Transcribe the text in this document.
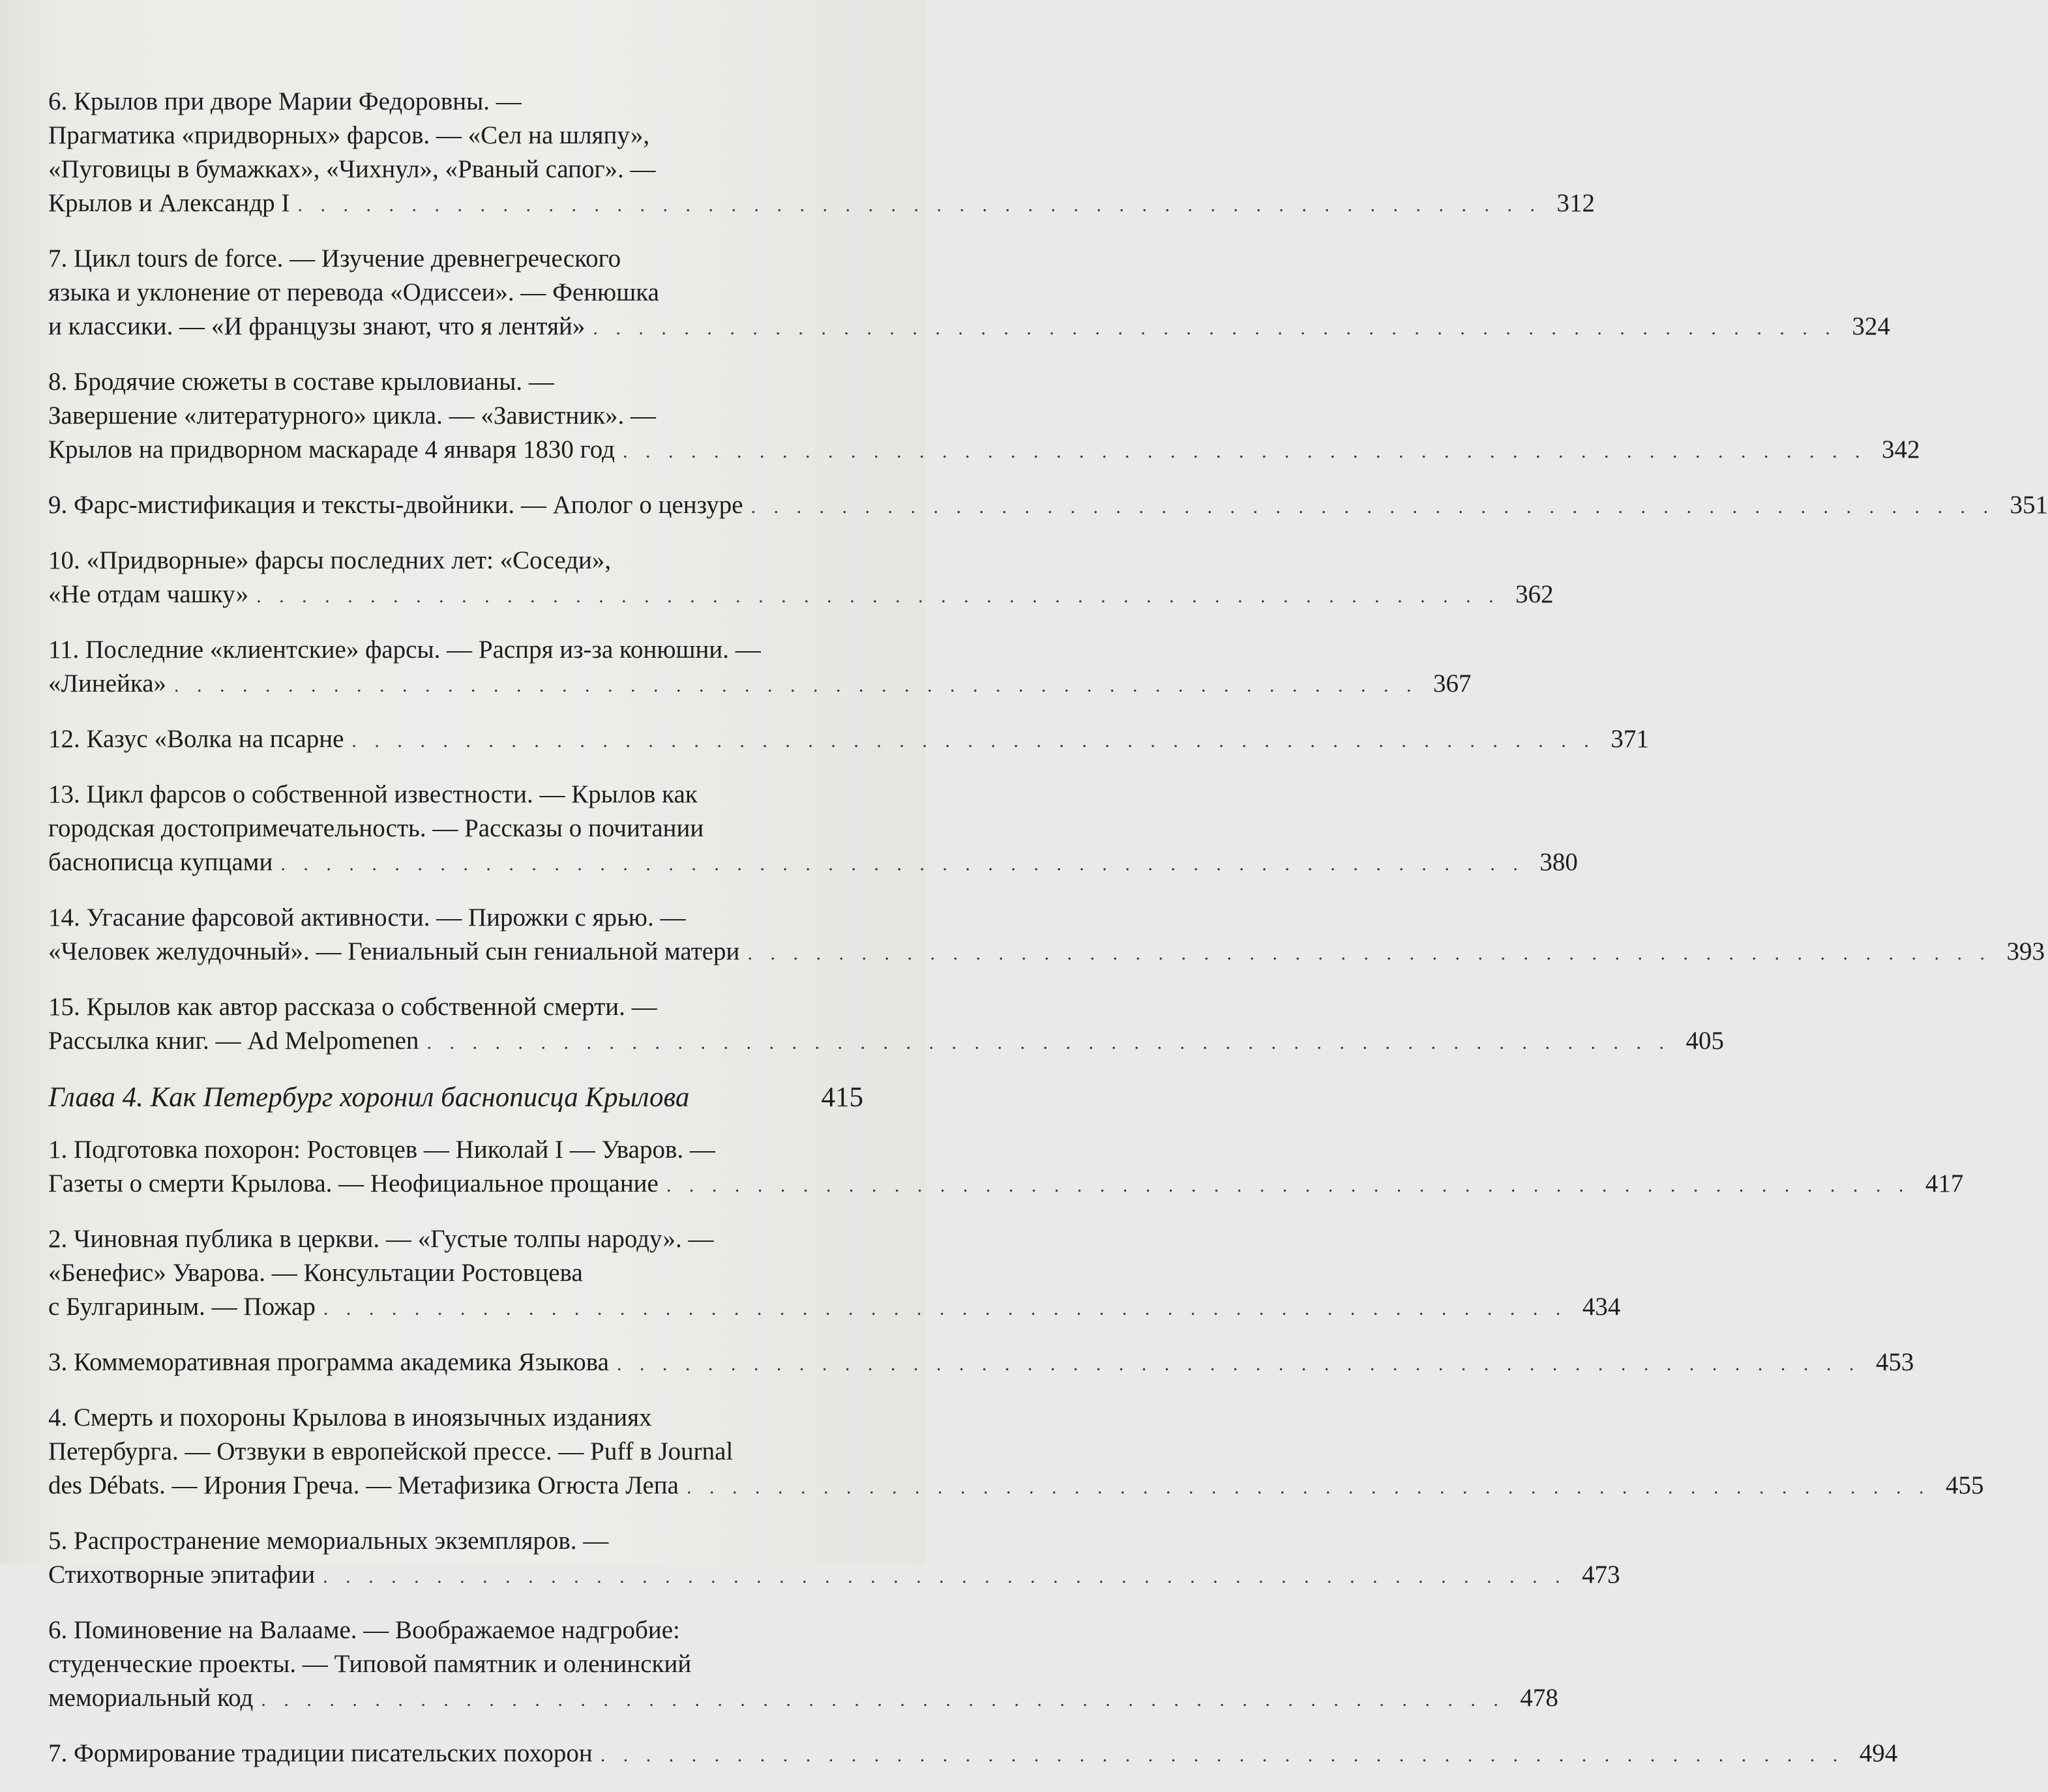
6. Крылов при дворе Марии Федоровны. —
Прагматика «придворных» фарсов. — «Сел на шляпу»,
«Пуговицы в бумажках», «Чихнул», «Рваный сапог». —
Крылов и Александр I . . . . . . . . . . . . . . . . . . . . . . . . . . . . . . . . . . . . . . . . . . . . . . . . . . . . . . . 312
7. Цикл tours de force. — Изучение древнегреческого
языка и уклонение от перевода «Одиссеи». — Фенюшка
и классики. — «И французы знают, что я лентяй» . . . . . . . . . . . . . . . . . . . . . . . . . . . . . . . . . . . . . . . . . . . . . . . . . . . . . . . 324
8. Бродячие сюжеты в составе крыловианы. —
Завершение «литературного» цикла. — «Завистник». —
Крылов на придворном маскараде 4 января 1830 год . . . . . . . . . . . . . . . . . . . . . . . . . . . . . . . . . . . . . . . . . . . . . . . . . . . . . . . 342
9. Фарс-мистификация и тексты-двойники. — Аполог о цензуре . . . . . . . . . . . . . . . . . . . . . . . . . . . . . . . . . . . . . . . . . . . . . . . . . . . . . . . 351
10. «Придворные» фарсы последних лет: «Соседи»,
«Не отдам чашку» . . . . . . . . . . . . . . . . . . . . . . . . . . . . . . . . . . . . . . . . . . . . . . . . . . . . . . . 362
11. Последние «клиентские» фарсы. — Распря из-за конюшни. —
«Линейка» . . . . . . . . . . . . . . . . . . . . . . . . . . . . . . . . . . . . . . . . . . . . . . . . . . . . . . . 367
12. Казус «Волка на псарне . . . . . . . . . . . . . . . . . . . . . . . . . . . . . . . . . . . . . . . . . . . . . . . . . . . . . . . 371
13. Цикл фарсов о собственной известности. — Крылов как
городская достопримечательность. — Рассказы о почитании
баснописца купцами . . . . . . . . . . . . . . . . . . . . . . . . . . . . . . . . . . . . . . . . . . . . . . . . . . . . . . . 380
14. Угасание фарсовой активности. — Пирожки с ярью. —
«Человек желудочный». — Гениальный сын гениальной матери . . . . . . . . . . . . . . . . . . . . . . . . . . . . . . . . . . . . . . . . . . . . . . . . . . . . . . . 393
15. Крылов как автор рассказа о собственной смерти. —
Рассылка книг. — Ad Melpomenen . . . . . . . . . . . . . . . . . . . . . . . . . . . . . . . . . . . . . . . . . . . . . . . . . . . . . . . 405
Глава 4. Как Петербург хоронил баснописца Крылова	415
1. Подготовка похорон: Ростовцев — Николай I — Уваров. —
Газеты о смерти Крылова. — Неофициальное прощание . . . . . . . . . . . . . . . . . . . . . . . . . . . . . . . . . . . . . . . . . . . . . . . . . . . . . . . 417
2. Чиновная публика в церкви. — «Густые толпы народу». —
«Бенефис» Уварова. — Консультации Ростовцева
с Булгариным. — Пожар . . . . . . . . . . . . . . . . . . . . . . . . . . . . . . . . . . . . . . . . . . . . . . . . . . . . . . . 434
3. Коммеморативная программа академика Языкова . . . . . . . . . . . . . . . . . . . . . . . . . . . . . . . . . . . . . . . . . . . . . . . . . . . . . . . 453
4. Смерть и похороны Крылова в иноязычных изданиях
Петербурга. — Отзвуки в европейской прессе. — Puff в Journal
des Débats. — Ирония Греча. — Метафизика Огюста Лепа . . . . . . . . . . . . . . . . . . . . . . . . . . . . . . . . . . . . . . . . . . . . . . . . . . . . . . . 455
5. Распространение мемориальных экземпляров. —
Стихотворные эпитафии . . . . . . . . . . . . . . . . . . . . . . . . . . . . . . . . . . . . . . . . . . . . . . . . . . . . . . . 473
6. Поминовение на Валааме. — Воображаемое надгробие:
студенческие проекты. — Типовой памятник и оленинский
мемориальный код . . . . . . . . . . . . . . . . . . . . . . . . . . . . . . . . . . . . . . . . . . . . . . . . . . . . . . . 478
7. Формирование традиции писательских похорон . . . . . . . . . . . . . . . . . . . . . . . . . . . . . . . . . . . . . . . . . . . . . . . . . . . . . . . 494
